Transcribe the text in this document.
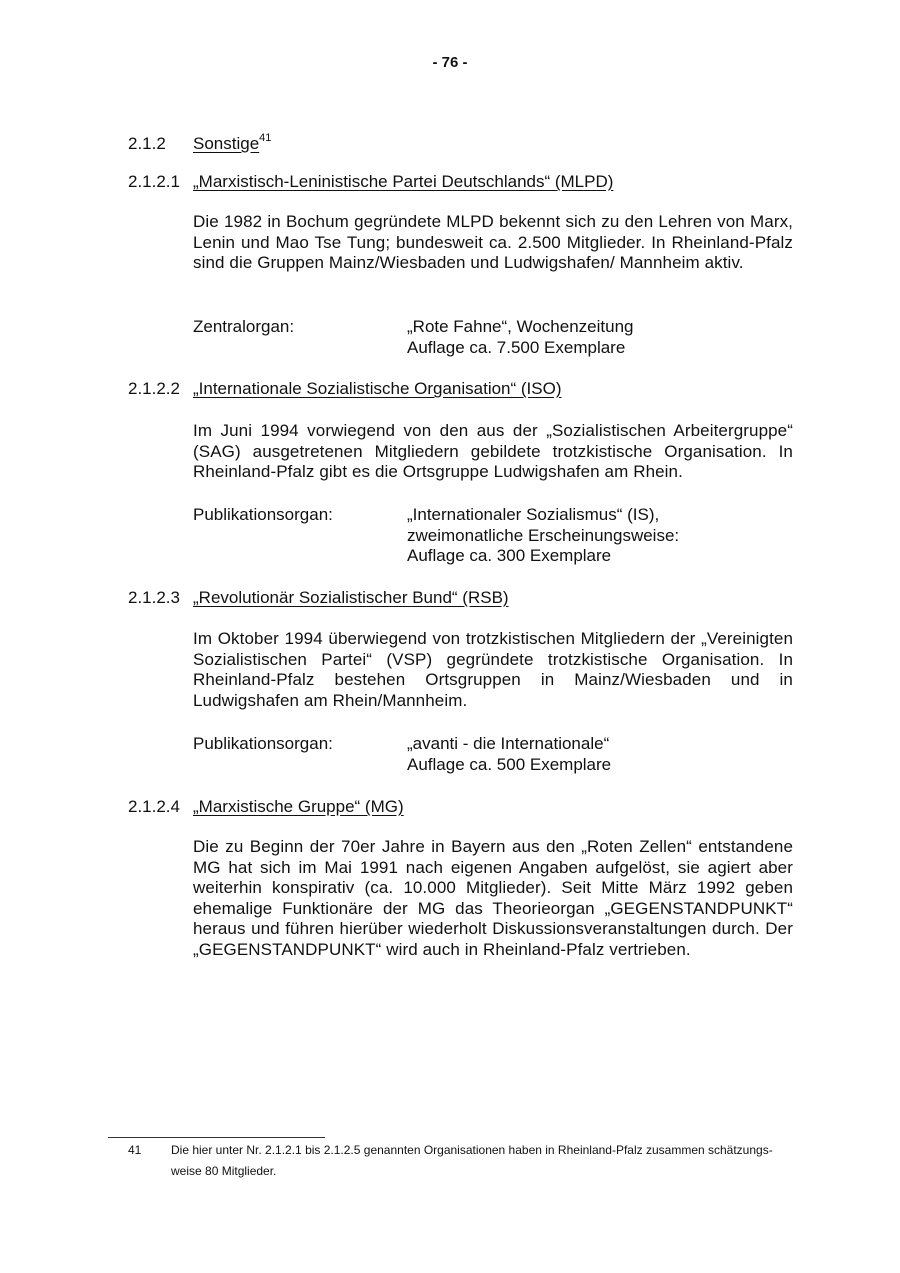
- 76 -
2.1.2 Sonstige$^{41}$
2.1.2.1 „Marxistisch-Leninistische Partei Deutschlands“ (MLPD)
Die 1982 in Bochum gegründete MLPD bekennt sich zu den Lehren von Marx, Lenin und Mao Tse Tung; bundesweit ca. 2.500 Mitglieder. In Rheinland-Pfalz sind die Gruppen Mainz/Wiesbaden und Ludwigshafen/ Mannheim aktiv.
Zentralorgan:	„Rote Fahne“, Wochenzeitung
Auflage ca. 7.500 Exemplare
2.1.2.2 „Internationale Sozialistische Organisation“ (ISO)
Im Juni 1994 vorwiegend von den aus der „Sozialistischen Arbeitergruppe“ (SAG) ausgetretenen Mitgliedern gebildete trotzkistische Organisation. In Rheinland-Pfalz gibt es die Ortsgruppe Ludwigshafen am Rhein.
Publikationsorgan:	„Internationaler Sozialismus“ (IS),
zweimonatliche Erscheinungsweise:
Auflage ca. 300 Exemplare
2.1.2.3 „Revolutionär Sozialistischer Bund“ (RSB)
Im Oktober 1994 überwiegend von trotzkistischen Mitgliedern der „Vereinigten Sozialistischen Partei“ (VSP) gegründete trotzkistische Organisation. In Rheinland-Pfalz bestehen Ortsgruppen in Mainz/Wiesbaden und in Ludwigshafen am Rhein/Mannheim.
Publikationsorgan:	„avanti - die Internationale“
Auflage ca. 500 Exemplare
2.1.2.4 „Marxistische Gruppe“ (MG)
Die zu Beginn der 70er Jahre in Bayern aus den „Roten Zellen“ entstandene MG hat sich im Mai 1991 nach eigenen Angaben aufgelöst, sie agiert aber weiterhin konspirativ (ca. 10.000 Mitglieder). Seit Mitte März 1992 geben ehemalige Funktionäre der MG das Theorieorgan „GEGENSTANDPUNKT“ heraus und führen hierüber wiederholt Diskussionsveranstaltungen durch. Der „GEGENSTANDPUNKT“ wird auch in Rheinland-Pfalz vertrieben.
41 Die hier unter Nr. 2.1.2.1 bis 2.1.2.5 genannten Organisationen haben in Rheinland-Pfalz zusammen schätzungsweise 80 Mitglieder.
